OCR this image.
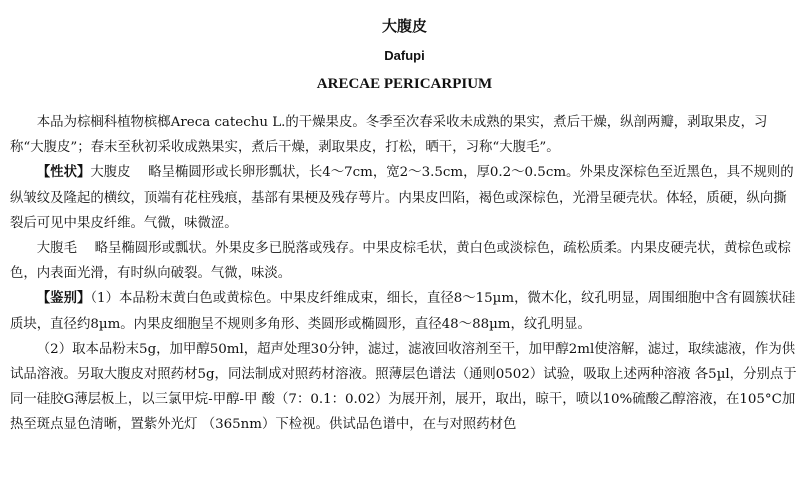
大腹皮
Dafupi
ARECAE PERICARPIUM

本品为棕榈科植物槟榔Areca catechu L.的干燥果皮。冬季至次春采收未成熟的果实，煮后干燥，纵剖两瓣，剥取果皮，习称“大腹皮”；春末至秋初采收成熟果实，煮后干燥，剥取果皮，打松，晒干，习称“大腹毛”。

【性状】大腹皮　 略呈椭圆形或长卵形瓢状，长4～7cm，宽2～3.5cm，厚0.2～0.5cm。外果皮深棕色至近黑色，具不规则的纵皱纹及隆起的横纹，顶端有花柱残痕，基部有果梗及残存萼片。内果皮凹陷，褐色或深棕色，光滑呈硬壳状。体轻，质硬，纵向撕裂后可见中果皮纤维。气微，味微涩。

大腹毛　 略呈椭圆形或瓢状。外果皮多已脱落或残存。中果皮棕毛状，黄白色或淡棕色，疏松质柔。内果皮硬壳状，黄棕色或棕色，内表面光滑，有时纵向破裂。气微，味淡。

【鉴别】（1）本品粉末黄白色或黄棕色。中果皮纤维成束，细长，直径8～15µm，微木化，纹孔明显，周围细胞中含有圆簇状硅质块，直径约8µm。内果皮细胞呈不规则多角形、类圆形或椭圆形，直径48～88µm，纹孔明显。

（2）取本品粉末5g，加甲醇50ml，超声处理30分钟，滤过，滤液回收溶剂至干，加甲醇2ml使溶解，滤过，取续滤液，作为供试品溶液。另取大腹皮对照药材5g，同法制成对照药材溶液。照薄层色谱法（通则0502）试验，吸取上述两种溶液 各5µl，分别点于同一硅胶G薄层板上，以三氯甲烷-甲醇-甲 酸（7：0.1：0.02）为展开剂，展开，取出，晾干，喷以10%硫酸乙醇溶液，在105°C加热至斑点显色清晰，置紫外光灯 （365nm）下检视。供试品色谱中，在与对照药材色
